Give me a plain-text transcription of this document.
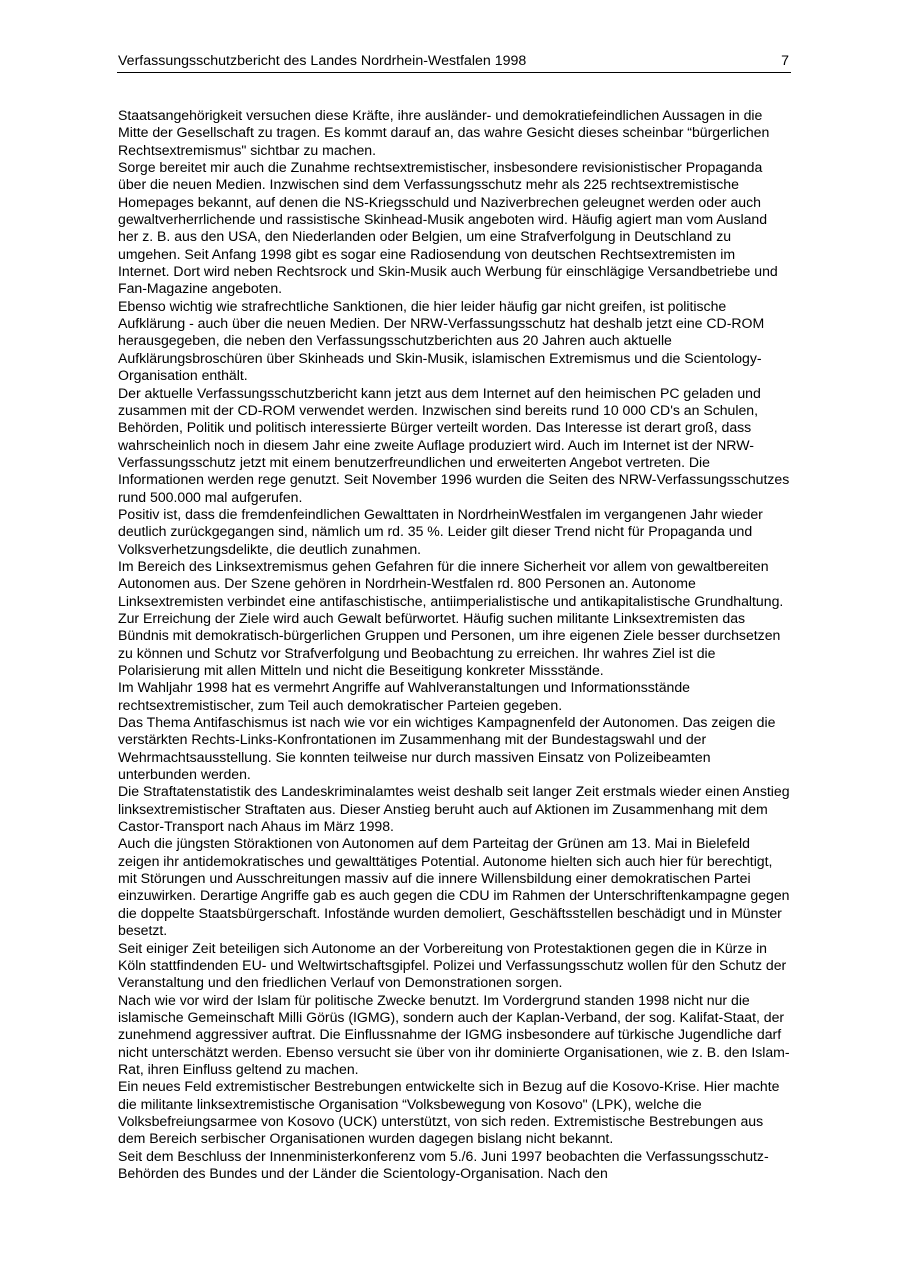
Verfassungsschutzbericht des Landes Nordrhein-Westfalen 1998	7

Staatsangehörigkeit versuchen diese Kräfte, ihre ausländer- und demokratiefeindlichen Aussagen in die Mitte der Gesellschaft zu tragen. Es kommt darauf an, das wahre Gesicht dieses scheinbar “bürgerlichen Rechtsextremismus" sichtbar zu machen.

Sorge bereitet mir auch die Zunahme rechtsextremistischer, insbesondere revisionistischer Propaganda über die neuen Medien. Inzwischen sind dem Verfassungsschutz mehr als 225 rechtsextremistische Homepages bekannt, auf denen die NS-Kriegsschuld und Naziverbrechen geleugnet werden oder auch gewaltverherrlichende und rassistische Skinhead-Musik angeboten wird. Häufig agiert man vom Ausland her z. B. aus den USA, den Niederlanden oder Belgien, um eine Strafverfolgung in Deutschland zu umgehen. Seit Anfang 1998 gibt es sogar eine Radiosendung von deutschen Rechtsextremisten im Internet. Dort wird neben Rechtsrock und Skin-Musik auch Werbung für einschlägige Versandbetriebe und Fan-Magazine angeboten.

Ebenso wichtig wie strafrechtliche Sanktionen, die hier leider häufig gar nicht greifen, ist politische Aufklärung - auch über die neuen Medien. Der NRW-Verfassungsschutz hat deshalb jetzt eine CD-ROM herausgegeben, die neben den Verfassungsschutzberichten aus 20 Jahren auch aktuelle Aufklärungsbroschüren über Skinheads und Skin-Musik, islamischen Extremismus und die Scientology-Organisation enthält.

Der aktuelle Verfassungsschutzbericht kann jetzt aus dem Internet auf den heimischen PC geladen und zusammen mit der CD-ROM verwendet werden. Inzwischen sind bereits rund 10 000 CD's an Schulen, Behörden, Politik und politisch interessierte Bürger verteilt worden. Das Interesse ist derart groß, dass wahrscheinlich noch in diesem Jahr eine zweite Auflage produziert wird. Auch im Internet ist der NRW-Verfassungsschutz jetzt mit einem benutzerfreundlichen und erweiterten Angebot vertreten. Die Informationen werden rege genutzt. Seit November 1996 wurden die Seiten des NRW-Verfassungsschutzes rund 500.000 mal aufgerufen.

Positiv ist, dass die fremdenfeindlichen Gewalttaten in NordrheinWestfalen im vergangenen Jahr wieder deutlich zurückgegangen sind, nämlich um rd. 35 %. Leider gilt dieser Trend nicht für Propaganda und Volksverhetzungsdelikte, die deutlich zunahmen.

Im Bereich des Linksextremismus gehen Gefahren für die innere Sicherheit vor allem von gewaltbereiten Autonomen aus. Der Szene gehören in Nordrhein-Westfalen rd. 800 Personen an. Autonome Linksextremisten verbindet eine antifaschistische, antiimperialistische und antikapitalistische Grundhaltung. Zur Erreichung der Ziele wird auch Gewalt befürwortet. Häufig suchen militante Linksextremisten das Bündnis mit demokratisch-bürgerlichen Gruppen und Personen, um ihre eigenen Ziele besser durchsetzen zu können und Schutz vor Strafverfolgung und Beobachtung zu erreichen. Ihr wahres Ziel ist die Polarisierung mit allen Mitteln und nicht die Beseitigung konkreter Missstände.

Im Wahljahr 1998 hat es vermehrt Angriffe auf Wahlveranstaltungen und Informationsstände rechtsextremistischer, zum Teil auch demokratischer Parteien gegeben.

Das Thema Antifaschismus ist nach wie vor ein wichtiges Kampagnenfeld der Autonomen. Das zeigen die verstärkten Rechts-Links-Konfrontationen im Zusammenhang mit der Bundestagswahl und der Wehrmachtsausstellung. Sie konnten teilweise nur durch massiven Einsatz von Polizeibeamten unterbunden werden.

Die Straftatenstatistik des Landeskriminalamtes weist deshalb seit langer Zeit erstmals wieder einen Anstieg linksextremistischer Straftaten aus. Dieser Anstieg beruht auch auf Aktionen im Zusammenhang mit dem Castor-Transport nach Ahaus im März 1998.

Auch die jüngsten Störaktionen von Autonomen auf dem Parteitag der Grünen am 13. Mai in Bielefeld zeigen ihr antidemokratisches und gewalttätiges Potential. Autonome hielten sich auch hier für berechtigt, mit Störungen und Ausschreitungen massiv auf die innere Willensbildung einer demokratischen Partei einzuwirken. Derartige Angriffe gab es auch gegen die CDU im Rahmen der Unterschriftenkampagne gegen die doppelte Staatsbürgerschaft. Infostände wurden demoliert, Geschäftsstellen beschädigt und in Münster besetzt.

Seit einiger Zeit beteiligen sich Autonome an der Vorbereitung von Protestaktionen gegen die in Kürze in Köln stattfindenden EU- und Weltwirtschaftsgipfel. Polizei und Verfassungsschutz wollen für den Schutz der Veranstaltung und den friedlichen Verlauf von Demonstrationen sorgen.

Nach wie vor wird der Islam für politische Zwecke benutzt. Im Vordergrund standen 1998 nicht nur die islamische Gemeinschaft Milli Görüs (IGMG), sondern auch der Kaplan-Verband, der sog. Kalifat-Staat, der zunehmend aggressiver auftrat. Die Einflussnahme der IGMG insbesondere auf türkische Jugendliche darf nicht unterschätzt werden. Ebenso versucht sie über von ihr dominierte Organisationen, wie z. B. den Islam-Rat, ihren Einfluss geltend zu machen.

Ein neues Feld extremistischer Bestrebungen entwickelte sich in Bezug auf die Kosovo-Krise. Hier machte die militante linksextremistische Organisation “Volksbewegung von Kosovo" (LPK), welche die Volksbefreiungsarmee von Kosovo (UCK) unterstützt, von sich reden. Extremistische Bestrebungen aus dem Bereich serbischer Organisationen wurden dagegen bislang nicht bekannt.

Seit dem Beschluss der Innenministerkonferenz vom 5./6. Juni 1997 beobachten die Verfassungsschutz-Behörden des Bundes und der Länder die Scientology-Organisation. Nach den
